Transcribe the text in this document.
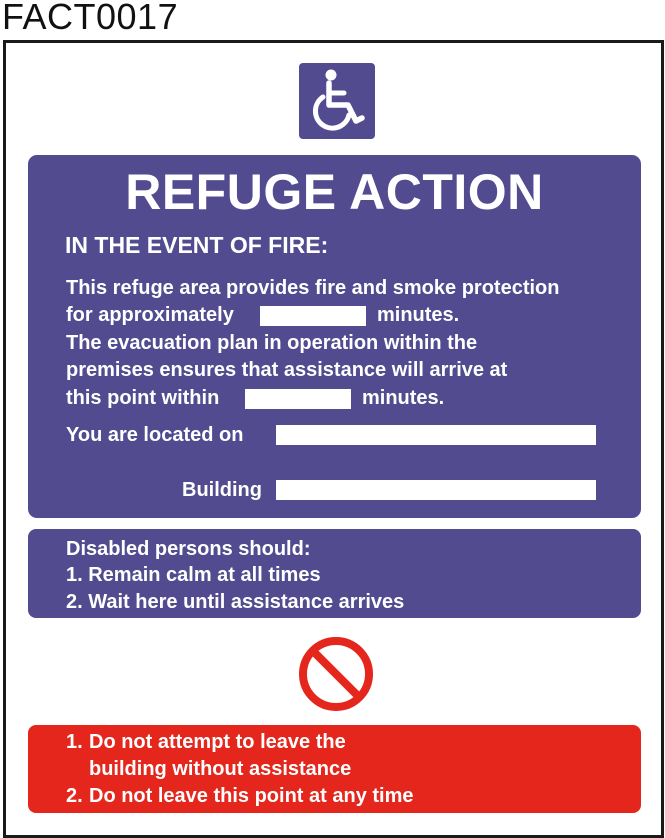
FACT0017
REFUGE ACTION
IN THE EVENT OF FIRE:
This refuge area provides fire and smoke protection
for approximately	minutes.
The evacuation plan in operation within the
premises ensures that assistance will arrive at
this point within	minutes.
You are located on
Building
Disabled persons should:
1. Remain calm at all times
2. Wait here until assistance arrives
1. Do not attempt to leave the
building without assistance
2. Do not leave this point at any time
